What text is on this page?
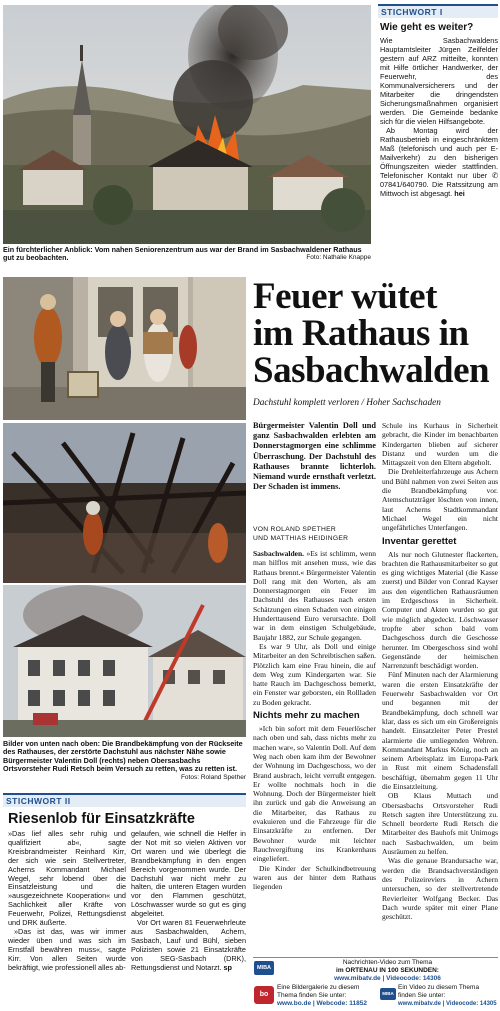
Ein fürchterlicher Anblick: Vom nahen Seniorenzentrum aus war der Brand im Sasbachwaldener Rathaus gut zu beobachten.	Foto: Nathalie Knappe
STICHWORT I
Wie geht es weiter?

Wie Sasbachwaldens Hauptamtsleiter Jürgen Zeilfelder gestern auf ARZ mitteilte, konnten mit Hilfe örtlicher Handwerker, der Feuerwehr, des Kommunalversicherers und der Mitarbeiter die dringendsten Sicherungsmaßnahmen organisiert werden. Die Gemeinde bedanke sich für die vielen Hilfsangebote.

Ab Montag wird der Rathausbetrieb in eingeschränktem Maß (telefonisch und auch per E-Mailverkehr) zu den bisherigen Öffnungszeiten wieder stattfinden. Telefonischer Kontakt nur über ✆ 07841/640790. Die Ratssitzung am Mittwoch ist abgesagt. hei

Feuer wütet
im Rathaus in
Sasbachwalden
Dachstuhl komplett verloren / Hoher Sachschaden
Bürgermeister Valentin Doll und ganz Sasbachwalden erlebten am Donnerstagmorgen eine schlimme Überraschung. Der Dachstuhl des Rathauses brannte lichterloh. Niemand wurde ernsthaft verletzt. Der Schaden ist immens.
VON ROLAND SPETHER
UND MATTHIAS HEIDINGER

Sasbachwalden. »Es ist schlimm, wenn man hilflos mit ansehen muss, wie das Rathaus brennt.« Bürgermeister Valentin Doll rang mit den Worten, als am Donnerstagmorgen ein Feuer im Dachstuhl des Rathauses nach ersten Schätzungen einen Schaden von einigen Hunderttausend Euro verursachte. Doll war in dem einstigen Schulgebäude, Baujahr 1882, zur Schule gegangen.

Es war 9 Uhr, als Doll und einige Mitarbeiter an den Schreibtischen saßen. Plötzlich kam eine Frau hinein, die auf dem Weg zum Kindergarten war. Sie hatte Rauch im Dachgeschoss bemerkt, ein Fenster war geborsten, ein Rollladen zu Boden gekracht.

Nichts mehr zu machen

»Ich bin sofort mit dem Feuerlöscher nach oben und sah, dass nichts mehr zu machen war«, so Valentin Doll. Auf dem Weg nach oben kam ihm der Bewohner der Wohnung im Dachgeschoss, wo der Brand ausbrach, leicht verrußt entgegen. Er wollte nochmals hoch in die Wohnung. Doch der Bürgermeister hielt ihn zurück und gab die Anweisung an die Mitarbeiter, das Rathaus zu evakuieren und die Fahrzeuge für die Einsatzkräfte zu entfernen. Der Bewohner wurde mit leichter Rauchvergiftung ins Krankenhaus eingeliefert.

Die Kinder der Schulkindbetreuung waren aus der hinter dem Rathaus liegenden

Schule ins Kurhaus in Sicherheit gebracht, die Kinder im benachbarten Kindergarten blieben auf sicherer Distanz und wurden um die Mittagszeit von den Eltern abgeholt.

Die Drehleiterfahrzeuge aus Achern und Bühl nahmen von zwei Seiten aus die Brandbekämpfung vor. Atemschutzträger löschten von innen, laut Acherns Stadtkommandant Michael Wegel ein nicht ungefährliches Unterfangen.

Inventar gerettet

Als nur noch Glutnester flackerten, brachten die Rathausmitarbeiter so gut es ging wichtiges Material (die Kasse zuerst) und Bilder von Conrad Kayser aus den eigentlichen Rathausräumen im Erdgeschoss in Sicherheit. Computer und Akten wurden so gut wie möglich abgedeckt. Löschwasser tropfte aber schon bald vom Dachgeschoss durch die Geschosse herunter. Im Obergeschoss sind wohl Gegenstände der heimischen Narrenzunft beschädigt worden.

Fünf Minuten nach der Alarmierung waren die ersten Einsatzkräfte der Feuerwehr Sasbachwalden vor Ort und begannen mit der Brandbekämpfung, doch schnell war klar, dass es sich um ein Großereignis handelt. Einsatzleiter Peter Prestel alarmierte die umliegenden Wehren. Kommandant Markus König, noch an seinem Arbeitsplatz im Europa-Park in Rust mit einem Schadensfall beschäftigt, übernahm gegen 11 Uhr die Einsatzleitung.

OB Klaus Muttach und Obersasbachs Ortsvorsteher Rudi Retsch sagten ihre Unterstützung zu. Schnell beorderte Rudi Retsch die Mitarbeiter des Bauhofs mit Unimogs nach Sasbachwalden, um beim Ausräumen zu helfen.

Was die genaue Brandursache war, werden die Brandsachverständigen des Polizeireviers in Achern untersuchen, so der stellvertretende Revierleiter Wolfgang Becker. Das Dach wurde später mit einer Plane geschützt.

Bilder von unten nach oben: Die Brandbekämpfung von der Rückseite des Rathauses, der zerstörte Dachstuhl aus nächster Nähe sowie Bürgermeister Valentin Doll (rechts) neben Obersasbachs Ortsvorsteher Rudi Retsch beim Versuch zu retten, was zu retten ist.
Fotos: Roland Spether
STICHWORT II
Riesenlob für Einsatzkräfte

»Das lief alles sehr ruhig und qualifiziert ab«, sagte Kreisbrandmeister Reinhard Kirr, der sich wie sein Stellvertreter, Acherns Kommandant Michael Wegel, sehr lobend über die Einsatzleistung und die »ausgezeichnete Kooperation« und Sachlichkeit aller Kräfte von Feuerwehr, Polizei, Rettungsdienst und DRK äußerte.

»Das ist das, was wir immer wieder üben und was sich im Ernstfall bewähren muss«, sagte Kirr. Von allen Seiten wurde bekräftigt, wie professionell alles ab-

gelaufen, wie schnell die Helfer in der Not mit so vielen Aktiven vor Ort waren und wie überlegt die Brandbekämpfung in den engen Bereich vorgenommen wurde. Der Dachstuhl war nicht mehr zu halten, die unteren Etagen wurden vor den Flammen geschützt, Löschwasser wurde so gut es ging abgeleitet.

Vor Ort waren 81 Feuerwehrleute aus Sasbachwalden, Achern, Sasbach, Lauf und Bühl, sieben Polizisten sowie 21 Einsatzkräfte von SEG-Sasbach (DRK), Rettungsdienst und Notarzt. sp	MIBA
Nachrichten-Video zum Thema
im ORTENAU IN 100 SEKUNDEN:
www.mibatv.de | Videocode: 14306
bo
Eine Bildergalerie zu diesem
Thema finden Sie unter:
www.bo.de | Webcode: 11852
MIBA
Ein Video zu diesem Thema
finden Sie unter:
www.mibatv.de | Videocode: 14305
